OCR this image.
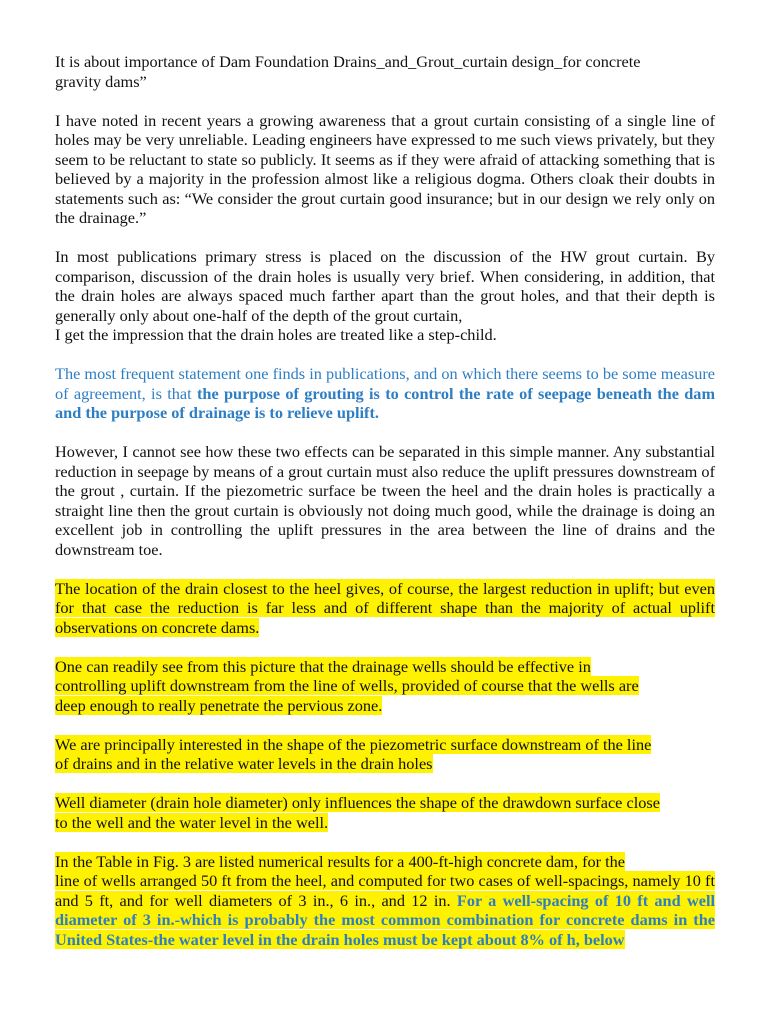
It is about importance of Dam Foundation Drains_and_Grout_curtain design_for concrete
gravity dams”

I have noted in recent years a growing awareness that a grout curtain consisting of a single line of holes may be very unreliable. Leading engineers have expressed to me such views privately, but they seem to be reluctant to state so publicly. It seems as if they were afraid of attacking something that is believed by a majority in the profession almost like a religious dogma. Others cloak their doubts in statements such as: “We consider the grout curtain good insurance; but in our design we rely only on the drainage.”

In most publications primary stress is placed on the discussion of the HW grout curtain. By comparison, discussion of the drain holes is usually very brief. When considering, in addition, that the drain holes are always spaced much farther apart than the grout holes, and that their depth is generally only about one-half of the depth of the grout curtain,
I get the impression that the drain holes are treated like a step-child.

The most frequent statement one finds in publications, and on which there seems to be some measure of agreement, is that the purpose of grouting is to control the rate of seepage beneath the dam and the purpose of drainage is to relieve uplift.

However, I cannot see how these two effects can be separated in this simple manner. Any substantial reduction in seepage by means of a grout curtain must also reduce the uplift pressures downstream of the grout , curtain. If the piezometric surface be tween the heel and the drain holes is practically a straight line then the grout curtain is obviously not doing much good, while the drainage is doing an excellent job in controlling the uplift pressures in the area between the line of drains and the downstream toe.

The location of the drain closest to the heel gives, of course, the largest reduction in uplift; but even for that case the reduction is far less and of different shape than the majority of actual uplift observations on concrete dams.

One can readily see from this picture that the drainage wells should be effective in
controlling uplift downstream from the line of wells, provided of course that the wells are
deep enough to really penetrate the pervious zone.

We are principally interested in the shape of the piezometric surface downstream of the line
of drains and in the relative water levels in the drain holes

Well diameter (drain hole diameter) only influences the shape of the drawdown surface close
to the well and the water level in the well.

In the Table in Fig. 3 are listed numerical results for a 400-ft-high concrete dam, for the
line of wells arranged 50 ft from the heel, and computed for two cases of well-spacings, namely 10 ft and 5 ft, and for well diameters of 3 in., 6 in., and 12 in. For a well-spacing of 10 ft and well diameter of 3 in.-which is probably the most common combination for concrete dams in the United States-the water level in the drain holes must be kept about 8% of h, below
